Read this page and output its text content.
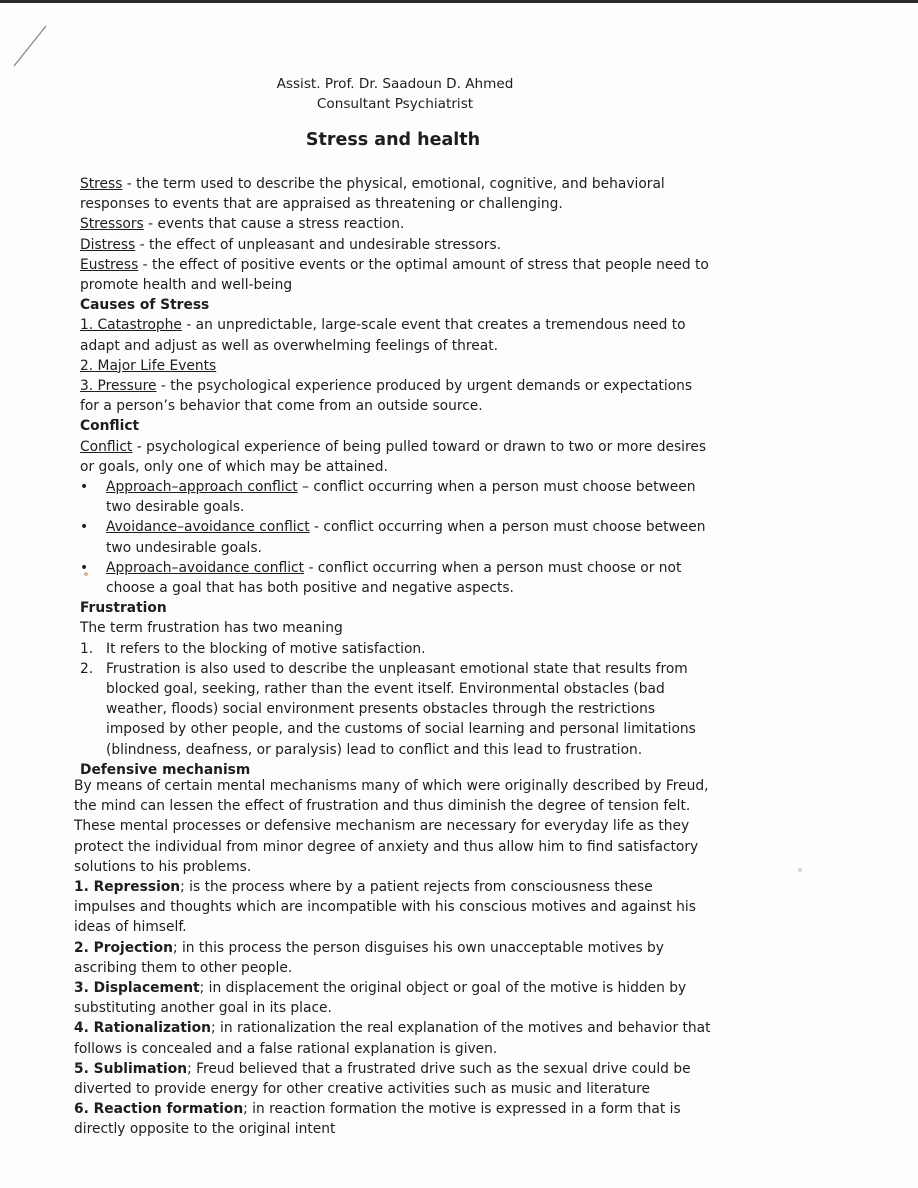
Assist. Prof. Dr. Saadoun D. Ahmed
Consultant Psychiatrist
Stress and health

Stress - the term used to describe the physical, emotional, cognitive, and behavioral responses to events that are appraised as threatening or challenging.

Stressors - events that cause a stress reaction.

Distress - the effect of unpleasant and undesirable stressors.

Eustress - the effect of positive events or the optimal amount of stress that people need to promote health and well-being

Causes of Stress

1. Catastrophe - an unpredictable, large-scale event that creates a tremendous need to adapt and adjust as well as overwhelming feelings of threat.

2. Major Life Events

3. Pressure - the psychological experience produced by urgent demands or expectations for a person’s behavior that come from an outside source.

Conflict

Conflict - psychological experience of being pulled toward or drawn to two or more desires or goals, only one of which may be attained.

• Approach–approach conflict – conflict occurring when a person must choose between two desirable goals.
• Avoidance–avoidance conflict - conflict occurring when a person must choose between two undesirable goals.
• Approach–avoidance conflict - conflict occurring when a person must choose or not choose a goal that has both positive and negative aspects.

Frustration

The term frustration has two meaning

1. It refers to the blocking of motive satisfaction.
2. Frustration is also used to describe the unpleasant emotional state that results from blocked goal, seeking, rather than the event itself. Environmental obstacles (bad weather, floods) social environment presents obstacles through the restrictions imposed by other people, and the customs of social learning and personal limitations (blindness, deafness, or paralysis) lead to conflict and this lead to frustration.

Defensive mechanism

By means of certain mental mechanisms many of which were originally described by Freud, the mind can lessen the effect of frustration and thus diminish the degree of tension felt. These mental processes or defensive mechanism are necessary for everyday life as they protect the individual from minor degree of anxiety and thus allow him to find satisfactory solutions to his problems.

1. Repression; is the process where by a patient rejects from consciousness these impulses and thoughts which are incompatible with his conscious motives and against his ideas of himself.

2. Projection; in this process the person disguises his own unacceptable motives by ascribing them to other people.

3. Displacement; in displacement the original object or goal of the motive is hidden by substituting another goal in its place.

4. Rationalization; in rationalization the real explanation of the motives and behavior that follows is concealed and a false rational explanation is given.

5. Sublimation; Freud believed that a frustrated drive such as the sexual drive could be diverted to provide energy for other creative activities such as music and literature

6. Reaction formation; in reaction formation the motive is expressed in a form that is directly opposite to the original intent
